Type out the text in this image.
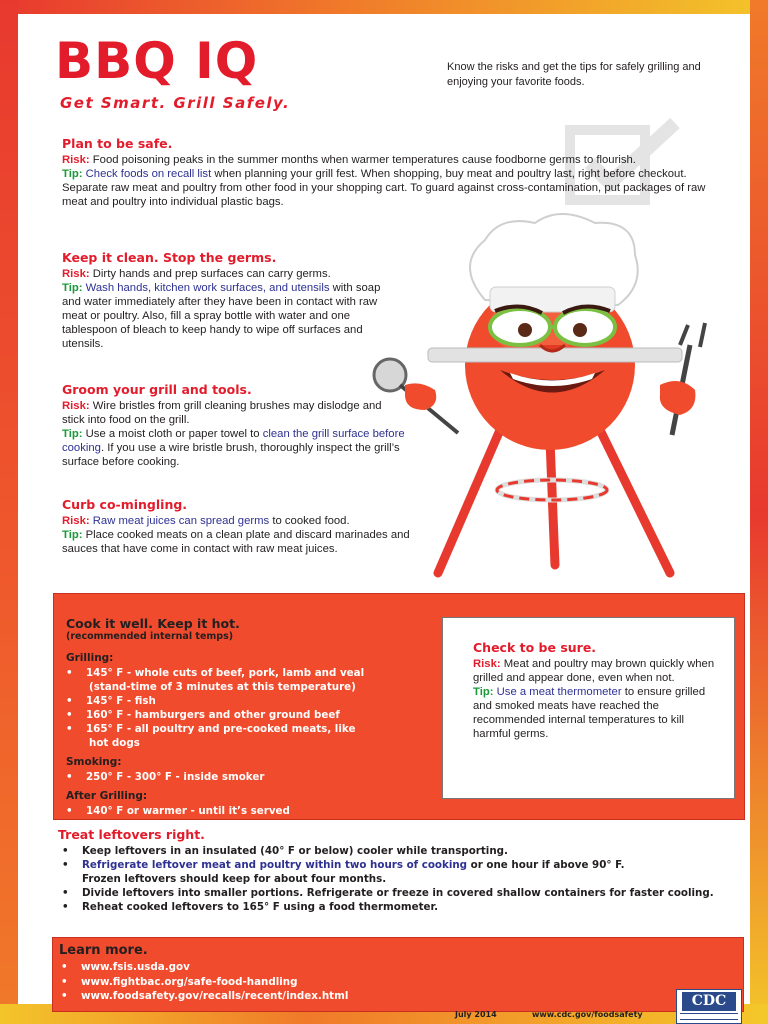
BBQ IQ
Get Smart. Grill Safely.
Know the risks and get the tips for safely grilling and enjoying your favorite foods.

Plan to be safe.

Risk: Food poisoning peaks in the summer months when warmer temperatures cause foodborne germs to flourish.

Tip: Check foods on recall list when planning your grill fest. When shopping, buy meat and poultry last, right before checkout. Separate raw meat and poultry from other food in your shopping cart. To guard against cross-contamination, put packages of raw meat and poultry into individual plastic bags.

Keep it clean. Stop the germs.

Risk: Dirty hands and prep surfaces can carry germs.

Tip: Wash hands, kitchen work surfaces, and utensils with soap and water immediately after they have been in contact with raw meat or poultry. Also, fill a spray bottle with water and one tablespoon of bleach to keep handy to wipe off surfaces and utensils.

Groom your grill and tools.

Risk: Wire bristles from grill cleaning brushes may dislodge and stick into food on the grill.

Tip: Use a moist cloth or paper towel to clean the grill surface before cooking. If you use a wire bristle brush, thoroughly inspect the grill’s surface before cooking.

Curb co-mingling.

Risk: Raw meat juices can spread germs to cooked food.

Tip: Place cooked meats on a clean plate and discard marinades and sauces that have come in contact with raw meat juices.

Cook it well. Keep it hot.

(recommended internal temps)

Grilling:

• 145° F - whole cuts of beef, pork, lamb and veal
(stand-time of 3 minutes at this temperature)

• 145° F - fish

• 160° F - hamburgers and other ground beef

• 165° F - all poultry and pre-cooked meats, like
hot dogs

Smoking:

• 250° F - 300° F - inside smoker

After Grilling:

• 140° F or warmer - until it’s served

Check to be sure.

Risk: Meat and poultry may brown quickly when grilled and appear done, even when not.

Tip: Use a meat thermometer to ensure grilled and smoked meats have reached the recommended internal temperatures to kill harmful germs.

Treat leftovers right.

• Keep leftovers in an insulated (40° F or below) cooler while transporting.

• Refrigerate leftover meat and poultry within two hours of cooking or one hour if above 90° F.
Frozen leftovers should keep for about four months.

• Divide leftovers into smaller portions. Refrigerate or freeze in covered shallow containers for faster cooling.

• Reheat cooked leftovers to 165° F using a food thermometer.

Learn more.

• www.fsis.usda.gov

• www.fightbac.org/safe-food-handling

• www.foodsafety.gov/recalls/recent/index.html

July 2014	www.cdc.gov/foodsafety
CDC
